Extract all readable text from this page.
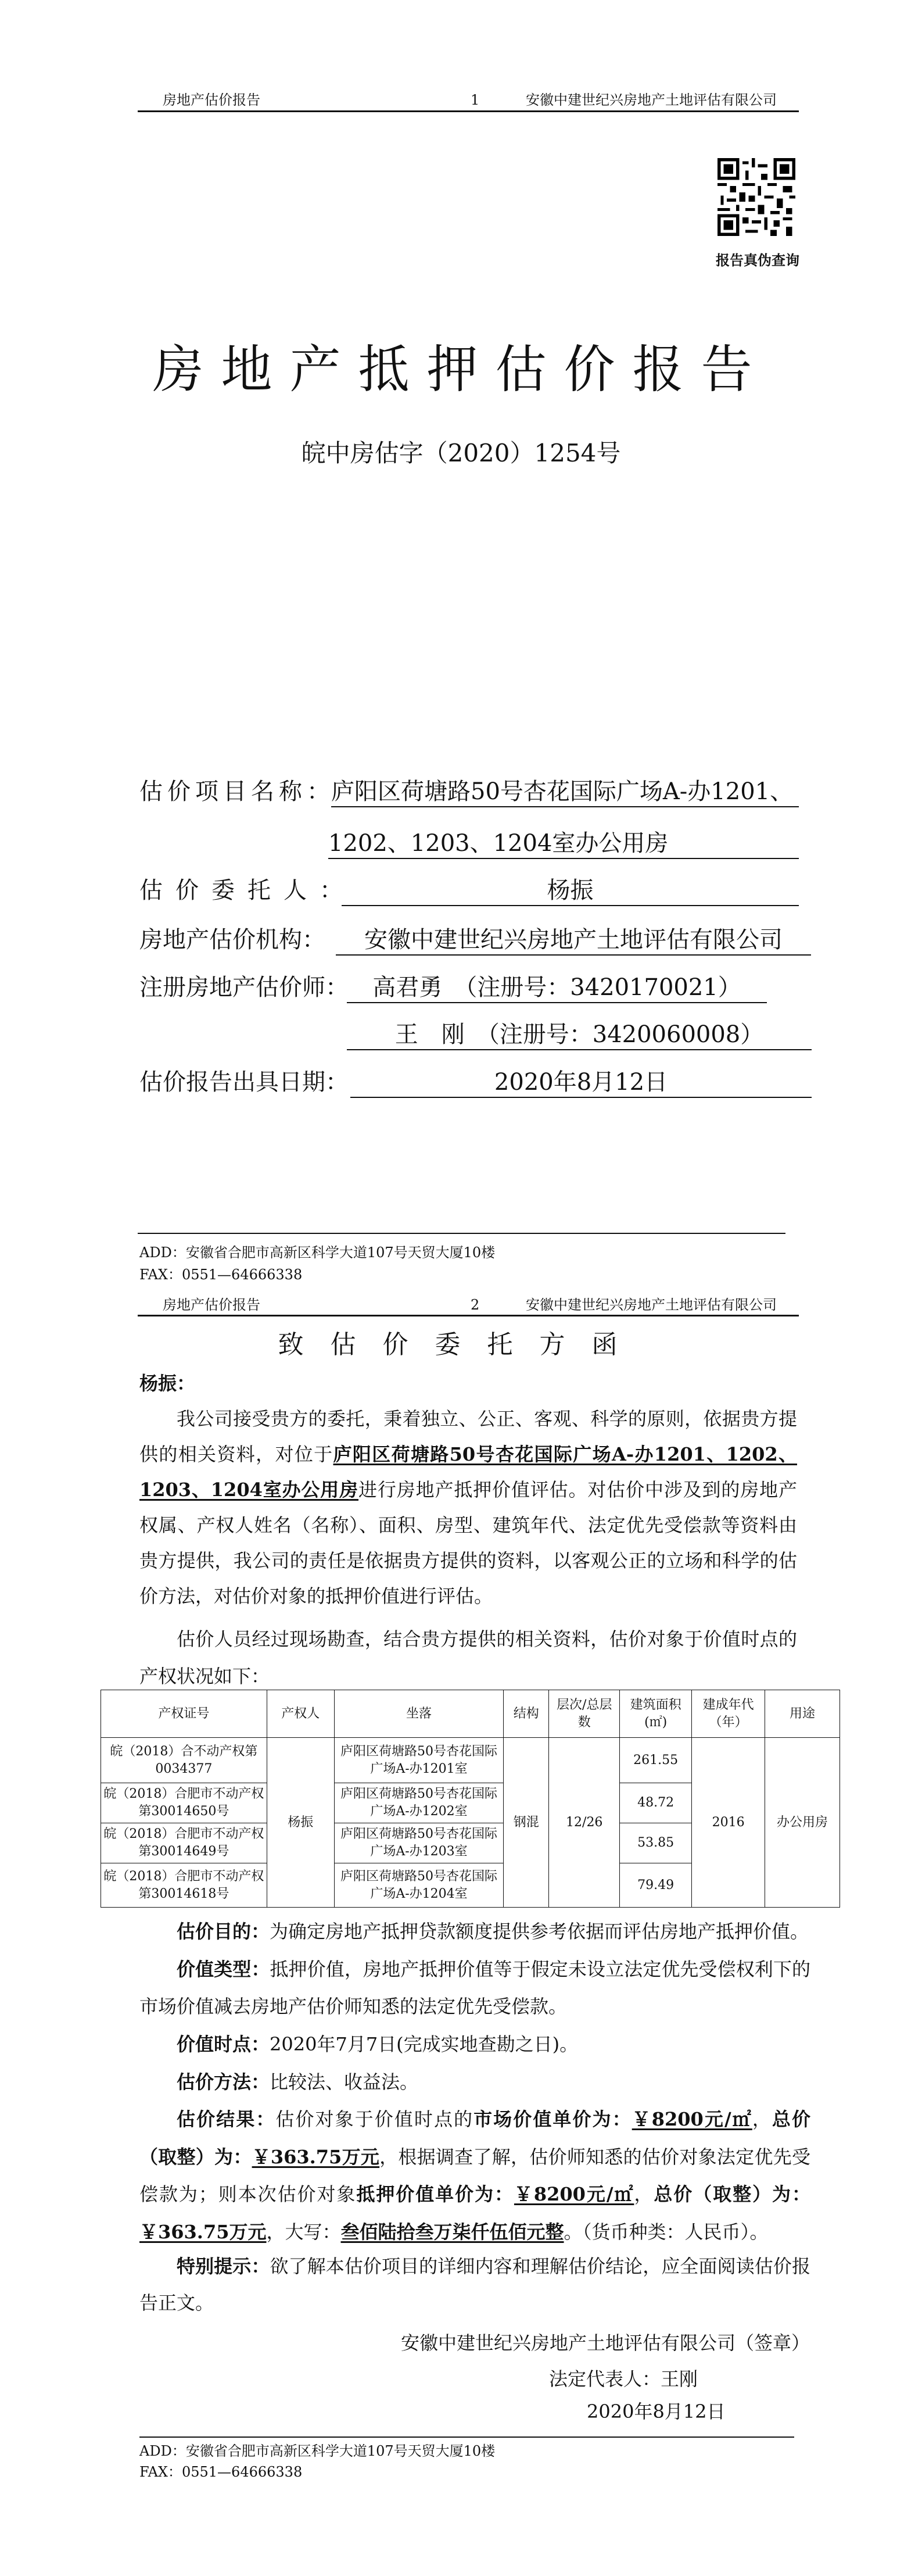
房地产估价报告	1	安徽中建世纪兴房地产土地评估有限公司
报告真伪查询
房地产抵押估价报告
皖中房估字（2020）1254号
估价项目名称：
庐阳区荷塘路50号杏花国际广场A-办1201、
1202、1203、1204室办公用房
估价委托人：	杨振
房地产估价机构：	安徽中建世纪兴房地产土地评估有限公司
注册房地产估价师：	高君勇　（注册号：3420170021）
王　刚　（注册号：3420060008）
估价报告出具日期：	2020年8月12日
ADD：安徽省合肥市高新区科学大道107号天贸大厦10楼
FAX：0551—64666338
房地产估价报告	2	安徽中建世纪兴房地产土地评估有限公司
致估价委托方函
杨振：
我公司接受贵方的委托，秉着独立、公正、客观、科学的原则，依据贵方提供的相关资料，对位于庐阳区荷塘路50号杏花国际广场A-办1201、1202、1203、1204室办公用房进行房地产抵押价值评估。对估价中涉及到的房地产权属、产权人姓名（名称）、面积、房型、建筑年代、法定优先受偿款等资料由贵方提供，我公司的责任是依据贵方提供的资料，以客观公正的立场和科学的估价方法，对估价对象的抵押价值进行评估。
估价人员经过现场勘查，结合贵方提供的相关资料，估价对象于价值时点的产权状况如下：
产权证号	产权人	坐落	结构	层次/总层数	建筑面积(㎡)	建成年代（年）	用途
皖（2018）合不动产权第0034377	杨振	庐阳区荷塘路50号杏花国际广场A-办1201室	钢混	12/26	261.55	2016	办公用房
皖（2018）合肥市不动产权第30014650号		庐阳区荷塘路50号杏花国际广场A-办1202室			48.72		
皖（2018）合肥市不动产权第30014649号		庐阳区荷塘路50号杏花国际广场A-办1203室			53.85		
皖（2018）合肥市不动产权第30014618号		庐阳区荷塘路50号杏花国际广场A-办1204室			79.49		
估价目的：为确定房地产抵押贷款额度提供参考依据而评估房地产抵押价值。
价值类型：抵押价值，房地产抵押价值等于假定未设立法定优先受偿权利下的市场价值减去房地产估价师知悉的法定优先受偿款。
价值时点：2020年7月7日(完成实地查勘之日)。
估价方法：比较法、收益法。
估价结果：估价对象于价值时点的市场价值单价为：￥8200元/㎡，总价（取整）为：￥363.75万元，根据调查了解，估价师知悉的估价对象法定优先受偿款为；则本次估价对象抵押价值单价为：￥8200元/㎡，总价（取整）为：￥363.75万元，大写：叁佰陆拾叁万柒仟伍佰元整。（货币种类：人民币）。
特别提示：欲了解本估价项目的详细内容和理解估价结论，应全面阅读估价报告正文。
安徽中建世纪兴房地产土地评估有限公司（签章）
法定代表人：王刚
2020年8月12日
ADD：安徽省合肥市高新区科学大道107号天贸大厦10楼
FAX：0551—64666338
